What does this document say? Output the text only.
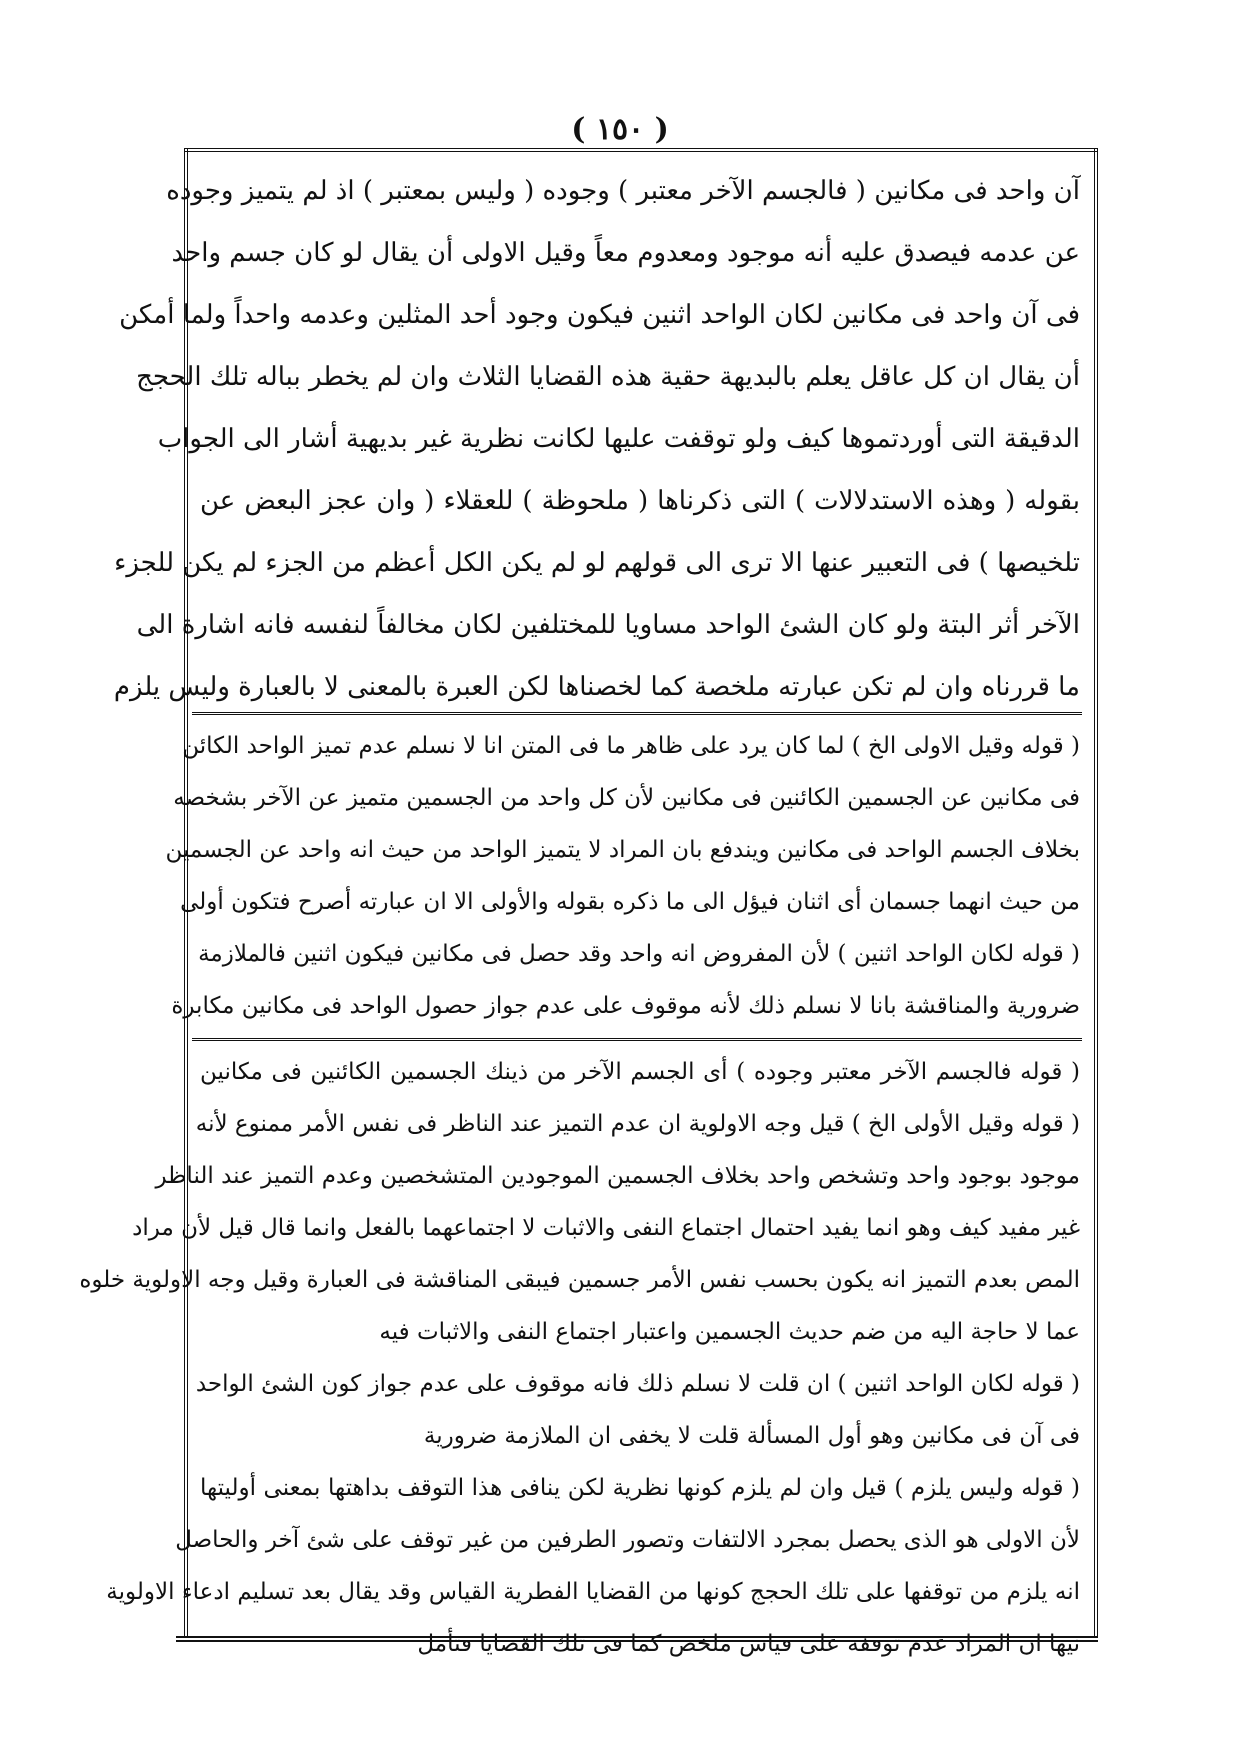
( ١٥٠ )
آن واحد فى مكانين ( فالجسم الآخر معتبر ) وجوده ( وليس بمعتبر ) اذ لم يتميز وجوده
عن عدمه فيصدق عليه أنه موجود ومعدوم معاً وقيل الاولى أن يقال لو كان جسم واحد
فى آن واحد فى مكانين لكان الواحد اثنين فيكون وجود أحد المثلين وعدمه واحداً ولما أمكن
أن يقال ان كل عاقل يعلم بالبديهة حقية هذه القضايا الثلاث وان لم يخطر بباله تلك الحجج
الدقيقة التى أوردتموها كيف ولو توقفت عليها لكانت نظرية غير بديهية أشار الى الجواب
بقوله ( وهذه الاستدلالات ) التى ذكرناها ( ملحوظة ) للعقلاء ( وان عجز البعض عن
تلخيصها ) فى التعبير عنها الا ترى الى قولهم لو لم يكن الكل أعظم من الجزء لم يكن للجزء
الآخر أثر البتة ولو كان الشئ الواحد مساويا للمختلفين لكان مخالفاً لنفسه فانه اشارة الى
ما قررناه وان لم تكن عبارته ملخصة كما لخصناها لكن العبرة بالمعنى لا بالعبارة وليس يلزم
( قوله وقيل الاولى الخ ) لما كان يرد على ظاهر ما فى المتن انا لا نسلم عدم تميز الواحد الكائن
فى مكانين عن الجسمين الكائنين فى مكانين لأن كل واحد من الجسمين متميز عن الآخر بشخصه
بخلاف الجسم الواحد فى مكانين ويندفع بان المراد لا يتميز الواحد من حيث انه واحد عن الجسمين
من حيث انهما جسمان أى اثنان فيؤل الى ما ذكره بقوله والأولى الا ان عبارته أصرح فتكون أولى
( قوله لكان الواحد اثنين ) لأن المفروض انه واحد وقد حصل فى مكانين فيكون اثنين فالملازمة
ضرورية والمناقشة بانا لا نسلم ذلك لأنه موقوف على عدم جواز حصول الواحد فى مكانين مكابرة
( قوله فالجسم الآخر معتبر وجوده ) أى الجسم الآخر من ذينك الجسمين الكائنين فى مكانين
( قوله وقيل الأولى الخ ) قيل وجه الاولوية ان عدم التميز عند الناظر فى نفس الأمر ممنوع لأنه
موجود بوجود واحد وتشخص واحد بخلاف الجسمين الموجودين المتشخصين وعدم التميز عند الناظر
غير مفيد كيف وهو انما يفيد احتمال اجتماع النفى والاثبات لا اجتماعهما بالفعل وانما قال قيل لأن مراد
المص بعدم التميز انه يكون بحسب نفس الأمر جسمين فيبقى المناقشة فى العبارة وقيل وجه الاولوية خلوه
عما لا حاجة اليه من ضم حديث الجسمين واعتبار اجتماع النفى والاثبات فيه
( قوله لكان الواحد اثنين ) ان قلت لا نسلم ذلك فانه موقوف على عدم جواز كون الشئ الواحد
فى آن فى مكانين وهو أول المسألة قلت لا يخفى ان الملازمة ضرورية
( قوله وليس يلزم ) قيل وان لم يلزم كونها نظرية لكن ينافى هذا التوقف بداهتها بمعنى أوليتها
لأن الاولى هو الذى يحصل بمجرد الالتفات وتصور الطرفين من غير توقف على شئ آخر والحاصل
انه يلزم من توقفها على تلك الحجج كونها من القضايا الفطرية القياس وقد يقال بعد تسليم ادعاء الاولوية
نيها ان المراد عدم توقفه على قياس ملخص كما فى تلك القضايا فتأمل
